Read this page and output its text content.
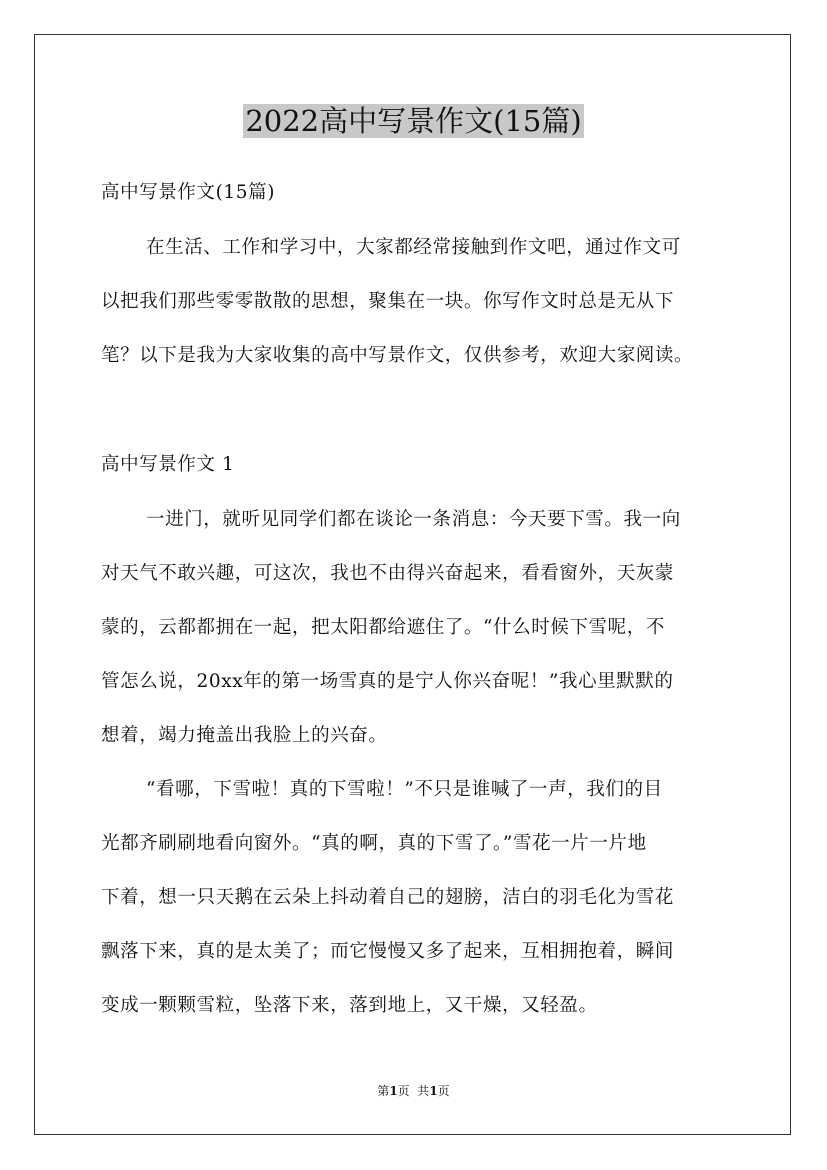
2022高中写景作文(15篇)

高中写景作文(15篇)

在生活、工作和学习中，大家都经常接触到作文吧，通过作文可

以把我们那些零零散散的思想，聚集在一块。你写作文时总是无从下

笔？以下是我为大家收集的高中写景作文，仅供参考，欢迎大家阅读。

高中写景作文 1

一进门，就听见同学们都在谈论一条消息：今天要下雪。我一向

对天气不敢兴趣，可这次，我也不由得兴奋起来，看看窗外，天灰蒙

蒙的，云都都拥在一起，把太阳都给遮住了。“什么时候下雪呢，不

管怎么说，20xx年的第一场雪真的是宁人你兴奋呢！”我心里默默的

想着，竭力掩盖出我脸上的兴奋。

“看哪，下雪啦！真的下雪啦！”不只是谁喊了一声，我们的目

光都齐刷刷地看向窗外。“真的啊，真的下雪了。”雪花一片一片地

下着，想一只天鹅在云朵上抖动着自己的翅膀，洁白的羽毛化为雪花

飘落下来，真的是太美了；而它慢慢又多了起来，互相拥抱着，瞬间

变成一颗颗雪粒，坠落下来，落到地上，又干燥，又轻盈。

第1页  共1页
